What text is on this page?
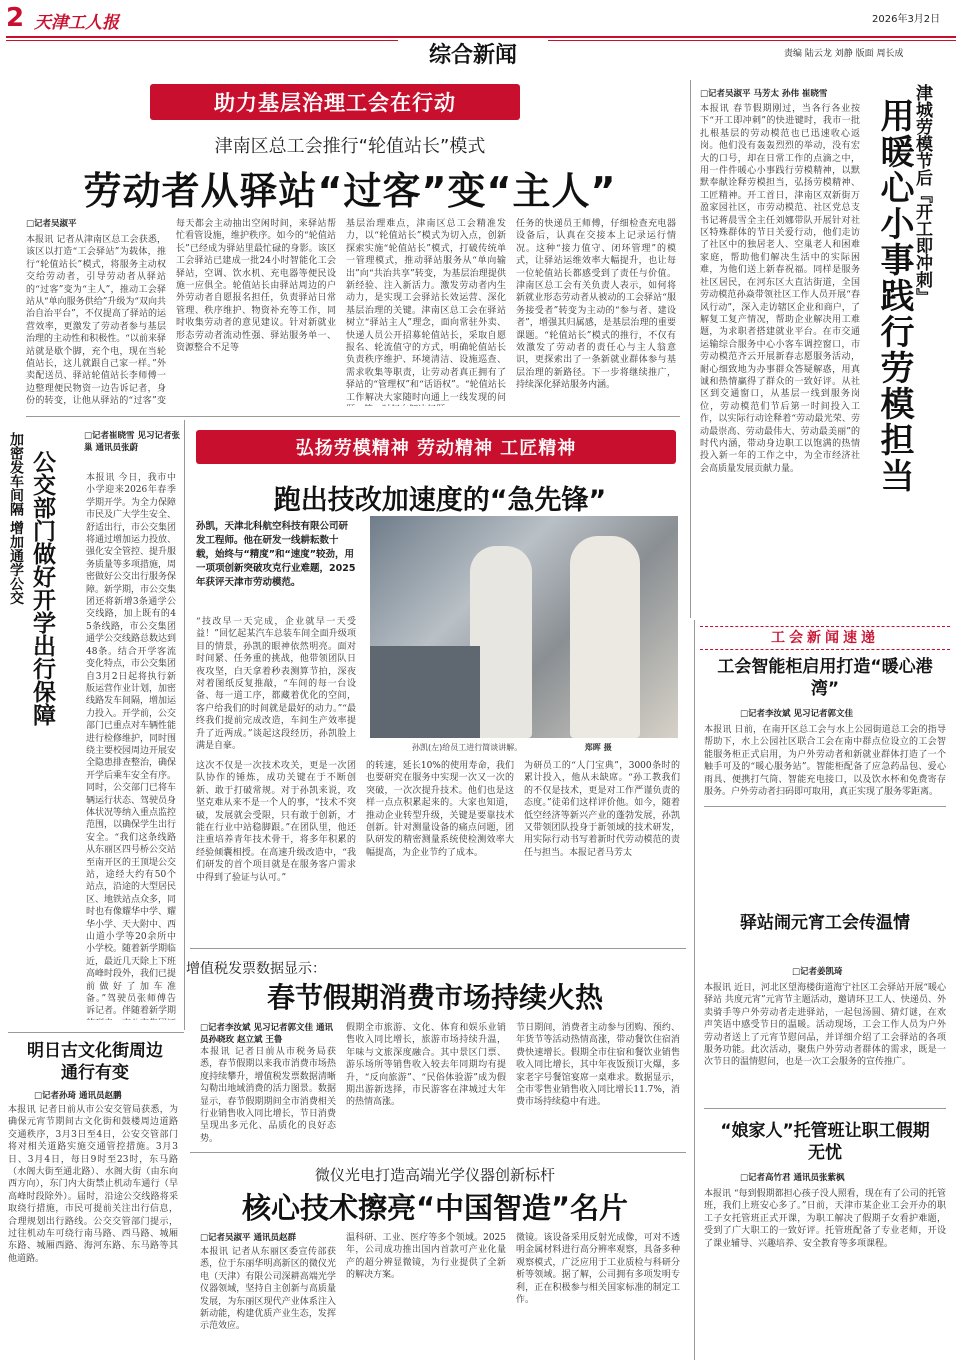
2 天津工人报	2026年3月2日
综合新闻	责编 陆云龙 刘静 版面 周长成
助力基层治理工会在行动
津南区总工会推行“轮值站长”模式
劳动者从驿站“过客”变“主人”
□记者吴淑平
本报讯 记者从津南区总工会获悉，该区以打造“工会驿站”为载体，推行“轮值站长”模式，将服务主动权交给劳动者，引导劳动者从驿站的“过客”变为“主人”，推动工会驿站从“单向服务供给”升级为“双向共治自治平台”，不仅提高了驿站的运营效率，更激发了劳动者参与基层治理的主动性和积极性。“以前来驿站就是歇个脚，充个电，现在当轮值站长，这儿就跟自己家一样。”外卖配送员、驿站轮值站长李师傅一边整理便民物资一边告诉记者，身份的转变，让他从驿站的“过客”变
每天都会主动抽出空闲时间，来驿站帮忙看管设施，维护秩序。如今的“轮值站长”已经成为驿站里最忙碌的身影。该区工会驿站已建成一批24小时智能化工会驿站，空调、饮水机、充电器等便民设施一应俱全。轮值站长由驿站周边的户外劳动者自愿报名担任，负责驿站日常管理、秩序维护、物资补充等工作，同时收集劳动者的意见建议。针对新就业形态劳动者流动性强、驿站服务单一、资源整合不足等
基层治理难点，津南区总工会精准发力，以“轮值站长”模式为切入点，创新探索实施“轮值站长”模式，打破传统单一管理模式，推动驿站服务从“单向输出”向“共治共享”转变，为基层治理提供新经验、注入新活力。激发劳动者内生动力，是实现工会驿站长效运营、深化基层治理的关键。津南区总工会在驿站树立“驿站主人”理念，面向常驻外卖、快递人员公开招募轮值站长，采取自愿报名、轮流值守的方式，明确轮值站长负责秩序维护、环境清洁、设施巡查、需求收集等职责，让劳动者真正拥有了驿站的“管理权”和“话语权”。“轮值站长工作解决大家随时向通上一线发现的问
任务的快递员王师傅，仔细检查充电器设备后，认真在交接本上记录运行情况。这种“接力值守、闭环管理”的模式，让驿站运维效率大幅提升，也让每一位轮值站长都感受到了责任与价值。津南区总工会有关负责人表示，如何将新就业形态劳动者从被动的工会驿站“服务接受者”转变为主动的“参与者、建设者”，增强其归属感，是基层治理的重要课题。“轮值站长”模式的推行，不仅有效激发了劳动者的责任心与主人翁意识，更探索出了一条新就业群体参与基层治理的新路径。下一步将继续推广，持续深化驿站服务内涵。
津城劳模节后『开工即冲刺』
用暖心小事践行劳模担当
□记者吴淑平 马芳太 孙伟 崔晓雪
本报讯 春节假期刚过，当各行各业按下“开工即冲刺”的快进键时，我市一批扎根基层的劳动模范也已迅速收心返岗。他们没有轰轰烈烈的举动，没有宏大的口号，却在日常工作的点滴之中，用一件件暖心小事践行劳模精神，以默默奉献诠释劳模担当，弘扬劳模精神、工匠精神。开工首日，津南区双新街万盈家园社区，市劳动模范、社区党总支书记蒋晨雪全主任刘娜带队开展针对社区特殊群体的节日关爱行动，他们走访了社区中的独居老人、空巢老人和困难家庭，帮助他们解决生活中的实际困难，为他们送上新春祝福。同样是服务社区居民，在河东区大直沽街道，全国劳动模范孙焱带领社区工作人员开展“春风行动”，深入走访辖区企业和商户，了解复工复产情况，帮助企业解决用工难题，为求职者搭建就业平台。在市交通运输综合服务中心小客车调控窗口，市劳动模范齐云开展新春志愿服务活动，耐心细致地为办事群众答疑解惑，用真诚和热情赢得了群众的一致好评。从社区到交通窗口，从基层一线到服务岗位，劳动模范们节后第一时间投入工作，以实际行动诠释着“劳动最光荣、劳动最崇高、劳动最伟大、劳动最美丽”的时代内涵，带动身边职工以饱满的热情投入新一年的工作之中，为全市经济社会高质量发展贡献力量。
工会新闻速递
工会智能柜启用打造“暖心港湾”
□记者李汝斌 见习记者郭文佳
本报讯 日前，在南开区总工会与水上公园街道总工会的指导帮助下，水上公园社区联合工会在南中群点位设立的工会智能服务柜正式启用，为户外劳动者和新就业群体打造了一个触手可及的“暖心服务站”。智能柜配备了应急药品包、爱心雨具、便携打气筒、智能充电接口，以及饮水杯和免费寄存服务。户外劳动者扫码即可取用，真正实现了服务零距离。
驿站闹元宵工会传温情
□记者姜凯琦
本报讯 近日，河北区望海楼街道海宁社区工会驿站开展“暖心驿站 共度元宵”元宵节主题活动，邀请环卫工人、快递员、外卖骑手等户外劳动者走进驿站，一起包汤圆、猜灯谜，在欢声笑语中感受节日的温暖。活动现场，工会工作人员为户外劳动者送上了元宵节慰问品，并详细介绍了工会驿站的各项服务功能。此次活动，聚焦户外劳动者群体的需求，既是一次节日的温情慰问，也是一次工会服务的宣传推广。
“娘家人”托管班让职工假期无忧
□记者高竹君 通讯员张紫枫
本报讯 “每到假期都担心孩子没人照看，现在有了公司的托管班，我们上班安心多了。”日前，天津市某企业工会开办的职工子女托管班正式开课，为职工解决了假期子女看护难题，受到了广大职工的一致好评。托管班配备了专业老师，开设了课业辅导、兴趣培养、安全教育等多项课程。
加密发车间隔 增加通学公交 公交部门做好开学出行保障
□记者崔晓雪 见习记者张巢 通讯员张蔚
本报讯 今日，我市中小学迎来2026年春季学期开学。为全力保障市民及广大学生安全、舒适出行，市公交集团将通过增加运力投放、强化安全管控、提升服务质量等多项措施，周密做好公交出行服务保障。新学期，市公交集团还将新增3条通学公交线路，加上既有的45条线路，市公交集团通学公交线路总数达到48条。结合开学客流变化特点，市公交集团自3月2日起将执行新版运营作业计划，加密线路发车间隔，增加运力投入。开学前，公交部门已重点对车辆性能进行检修维护，同时围绕主要校园周边开展安全隐患排查整治，确保开学后乘车安全有序。同时，公交部门已将车辆运行状态、驾驶员身体状况等纳入重点监控范围，以确保学生出行安全。“我们这条线路从东丽区四号桥公交站至南开区的王顶堤公交站，途经大约有50个站点，沿途的大型居民区、地铁站点众多，同时也有像耀华中学、耀华小学、天大附中、西山道小学等20余所中小学校。随着新学期临近，最近几天除上下班高峰时段外，我们已提前做好了加车准备。”驾驶员张师傅告诉记者。伴随着新学期
弘扬劳模精神 劳动精神 工匠精神
跑出技改加速度的“急先锋”
孙凯，天津北科航空科技有限公司研发工程师。他在研发一线耕耘数十载，始终与“精度”和“速度”较劲，用一项项创新突破攻克行业难题，2025年获评天津市劳动模范。
孙凯(左)给员工进行简谈讲解。	郑晖 摄
“技改早一天完成，企业就早一天受益！”回忆起某汽车总装车间全面升级项目的情景，孙凯的眼神依然明亮。面对时间紧、任务重的挑战，他带领团队日夜攻坚，白天拿着秒表测算节拍，深夜对着图纸反复推敲，“车间的每一台设备、每一道工序，都藏着优化的空间，客户给我们的时间就是最好的动力。”“最终我们提前完成改造，车间生产效率提升了近两成。”谈起这段经历，孙凯脸上满是自豪。
这次不仅是一次技术攻关，更是一次团队协作的锤炼，成功关键在于不断创新、敢于打破常规。对于孙凯来说，攻坚克难从来不是一个人的事，“技术不突破，发展就会受限，只有敢于创新，才能在行业中站稳脚跟。”在团队里，他还注重培养青年技术骨干，将多年积累的经验倾囊相授。在高速升级改造中，“我们研发的首个项目就是在服务客户需求中得到了验证与认可。”
的转速，延长10%的使用寿命，我们也要研究在服务中实现一次又一次的突破，一次次提升技术。他们也是这样一点点积累起来的。大家也知道，推动企业转型升级，关键是要靠技术创新。针对测量设备的痛点问题，团队研发的精密测量系统使检测效率大幅提高，为企业节约了成本。
为研员工的“人门宝典”，3000条时的累计投入，他从未缺席。“孙工教我们的不仅是技术，更是对工作严谨负责的态度。”徒弟们这样评价他。如今，随着低空经济等新兴产业的蓬勃发展，孙凯又带领团队投身于新领域的技术研发，用实际行动书写着新时代劳动模范的责任与担当。本报记者马芳太
增值税发票数据显示：
春节假期消费市场持续火热
□记者李汝斌 见习记者郭文佳 通讯员孙晓玫 赵立斌 王鲁
本报讯 记者日前从市税务局获悉，春节假期以来我市消费市场热度持续攀升，增值税发票数据清晰勾勒出地域消费的活力图景。数据显示，春节假期期间全市消费相关行业销售收入同比增长，节日消费呈现出多元化、品质化的良好态势。
假期全市旅游、文化、体育和娱乐业销售收入同比增长，旅游市场持续升温，年味与文旅深度融合。其中景区门票、游乐场所等销售收入较去年同期均有提升，“反向旅游”、“民俗体验游”成为假期出游新选择，市民游客在津城过大年的热情高涨。
节日期间，消费者主动参与团购、预约、年货节等活动热情高涨，带动餐饮住宿消费快速增长。假期全市住宿和餐饮业销售收入同比增长，其中年夜饭预订火爆，多家老字号餐馆宴席一桌难求。数据显示，全市零售业销售收入同比增长11.7%，消费市场持续稳中有进。
明日古文化街周边通行有变
□记者孙琦 通讯员赵鹏
本报讯 记者日前从市公安交管局获悉，为确保元宵节期间古文化街和鼓楼周边道路交通秩序，3月3日至4日，公安交管部门将对相关道路实施交通管控措施。3月3日、3月4日，每日9时至23时，东马路（水阁大街至通北路）、水阁大街（由东向西方向），东门内大街禁止机动车通行（早高峰时段除外）。届时，沿途公交线路将采取绕行措施，市民可提前关注出行信息，合理规划出行路线。公交交管部门提示，过往机动车可绕行南马路、西马路、城厢东路、城厢西路、海河东路、东马路等其他道路。
微仪光电打造高端光学仪器创新标杆
核心技术擦亮“中国智造”名片
□记者吴淑平 通讯员赵群
本报讯 记者从东丽区委宣传部获悉，位于东丽华明高新区的微仪光电（天津）有限公司深耕高端光学仪器领域，坚持自主创新与高质量发展，为东丽区现代产业体系注入新动能，构建优质产业生态，发挥示范效应。
温科研、工业、医疗等多个领域。2025年，公司成功推出国内首款可产业化量产的超分辨显微镜，为行业提供了全新的解决方案。
微镜。该设备采用反射光成像，可对不透明金属材料进行高分辨率观察，具备多种观察模式，广泛应用于工业质检与科研分析等领域。据了解，公司拥有多项发明专利，正在积极参与相关国家标准的制定工作。
